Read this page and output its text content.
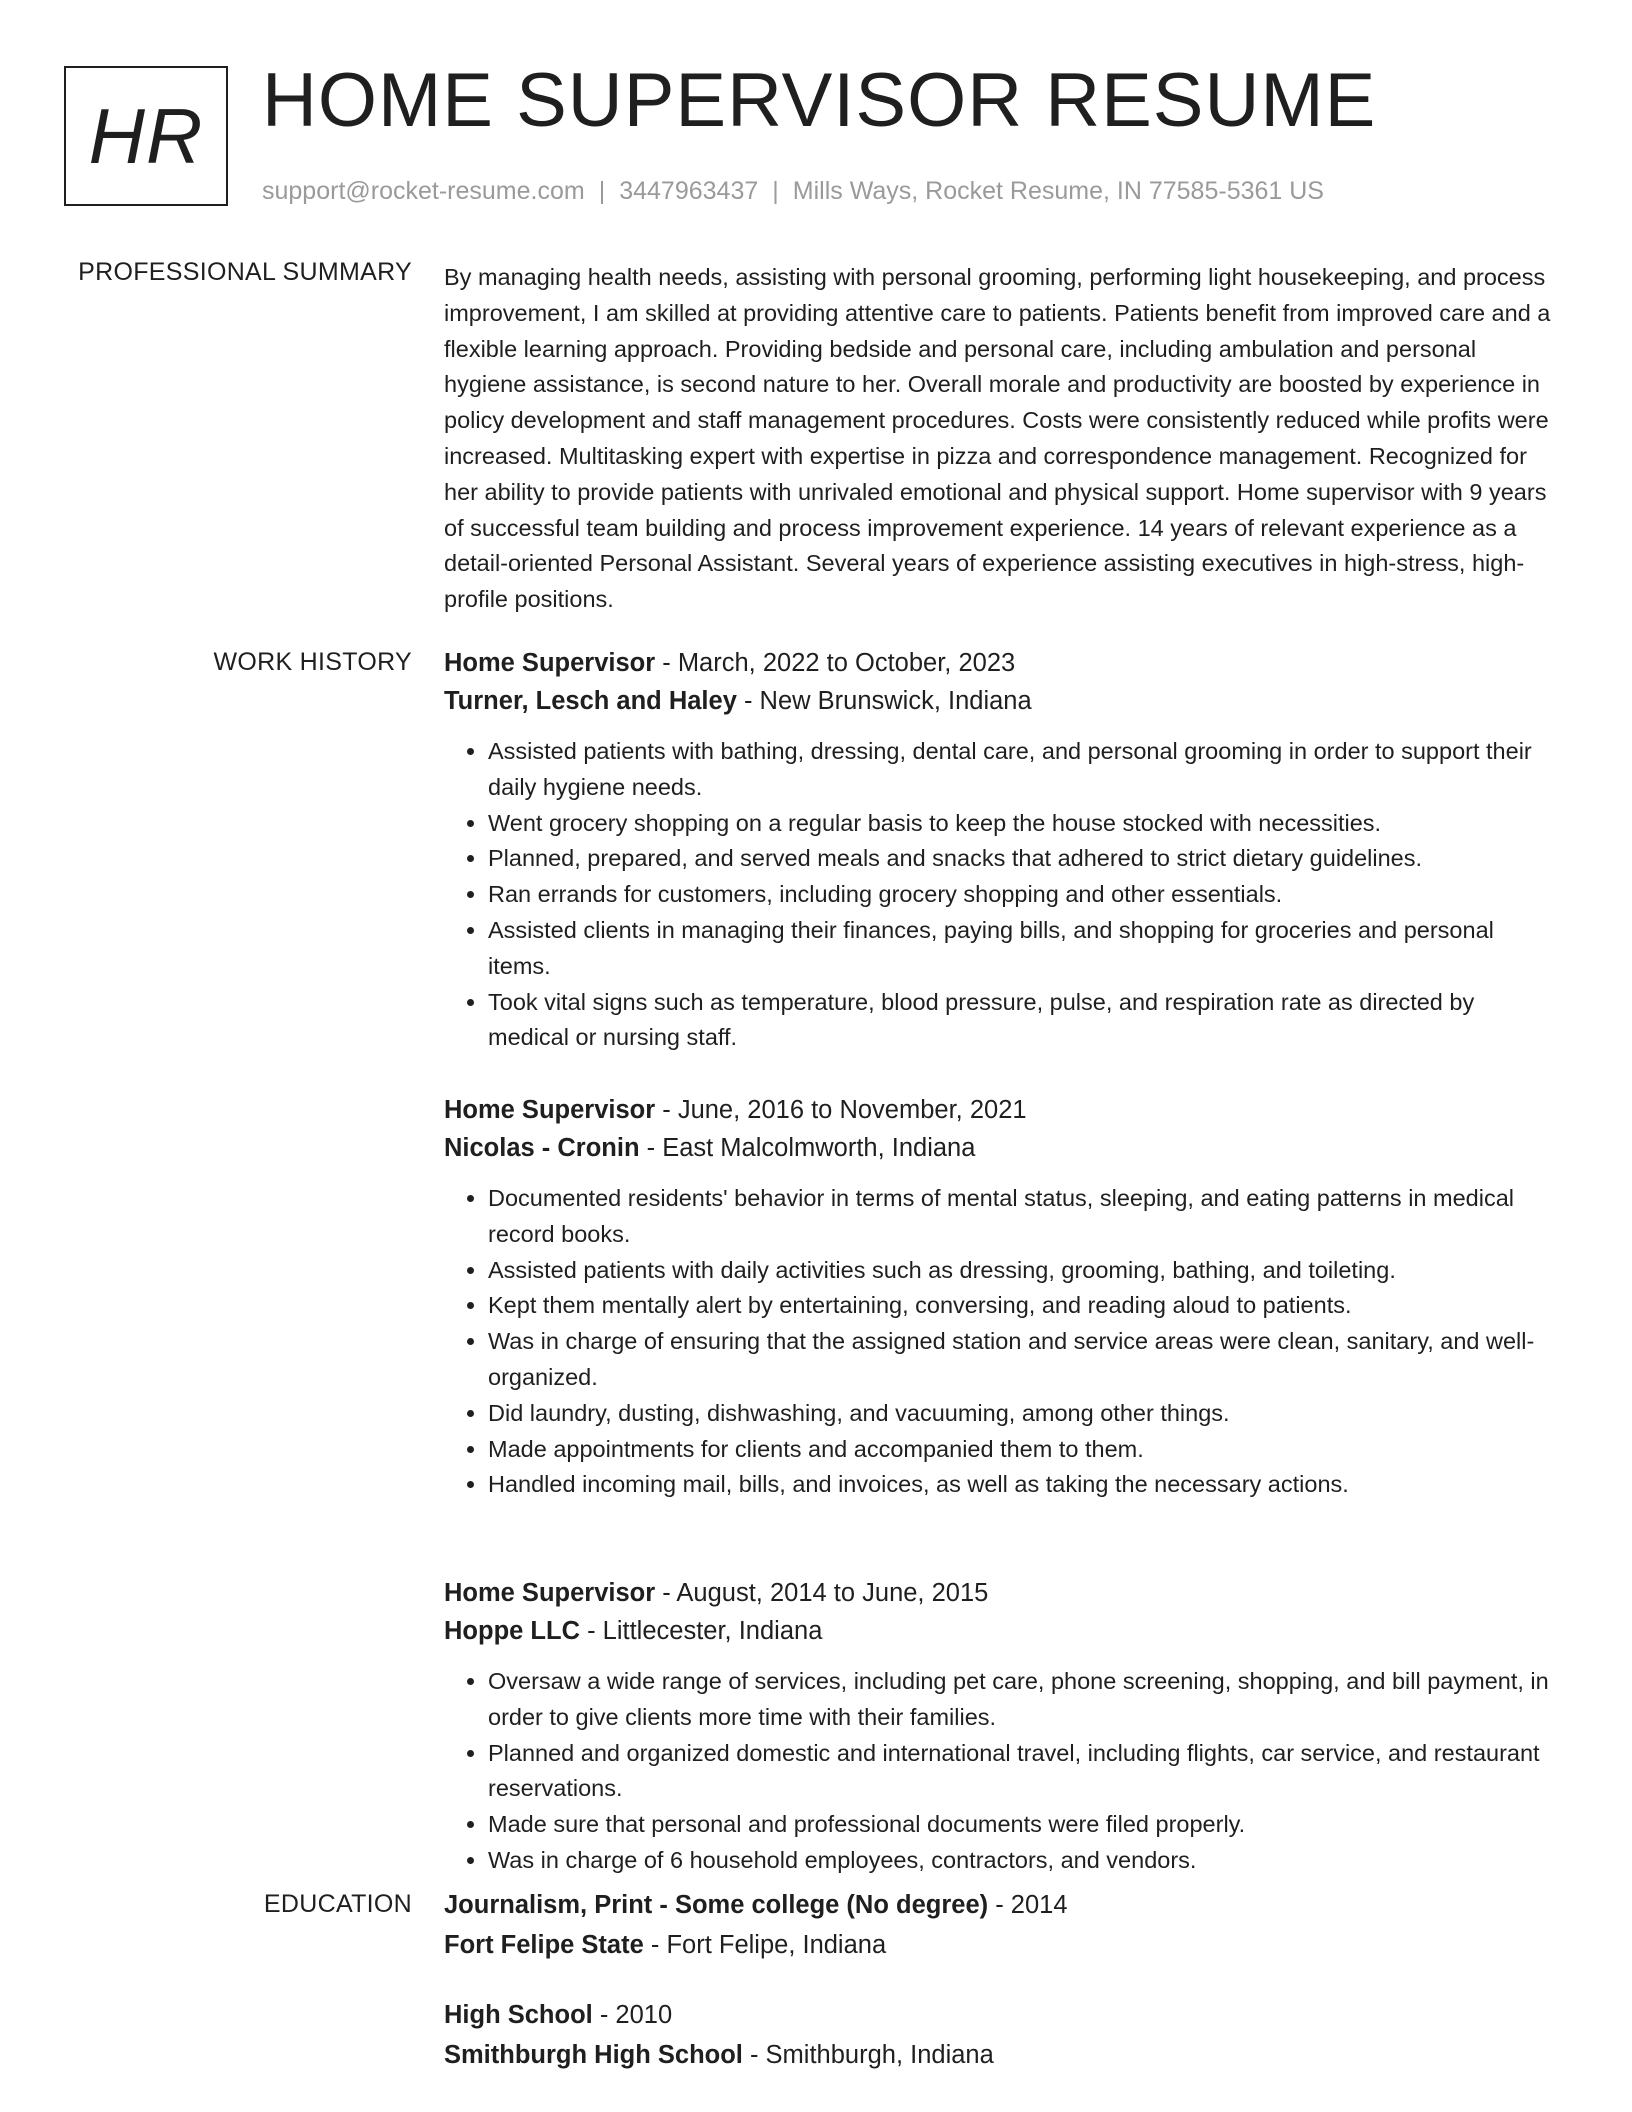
HR HOME SUPERVISOR RESUME
support@rocket-resume.com | 3447963437 | Mills Ways, Rocket Resume, IN 77585-5361 US
PROFESSIONAL SUMMARY By managing health needs, assisting with personal grooming, performing light housekeeping, and process improvement, I am skilled at providing attentive care to patients. Patients benefit from improved care and a flexible learning approach. Providing bedside and personal care, including ambulation and personal hygiene assistance, is second nature to her. Overall morale and productivity are boosted by experience in policy development and staff management procedures. Costs were consistently reduced while profits were increased. Multitasking expert with expertise in pizza and correspondence management. Recognized for her ability to provide patients with unrivaled emotional and physical support. Home supervisor with 9 years of successful team building and process improvement experience. 14 years of relevant experience as a detail-oriented Personal Assistant. Several years of experience assisting executives in high-stress, high-profile positions.

WORK HISTORY Home Supervisor - March, 2022 to October, 2023
Turner, Lesch and Haley - New Brunswick, Indiana
• Assisted patients with bathing, dressing, dental care, and personal grooming in order to support their daily hygiene needs.
• Went grocery shopping on a regular basis to keep the house stocked with necessities.
• Planned, prepared, and served meals and snacks that adhered to strict dietary guidelines.
• Ran errands for customers, including grocery shopping and other essentials.
• Assisted clients in managing their finances, paying bills, and shopping for groceries and personal items.
• Took vital signs such as temperature, blood pressure, pulse, and respiration rate as directed by medical or nursing staff.
Home Supervisor - June, 2016 to November, 2021
Nicolas - Cronin - East Malcolmworth, Indiana
• Documented residents' behavior in terms of mental status, sleeping, and eating patterns in medical record books.
• Assisted patients with daily activities such as dressing, grooming, bathing, and toileting.
• Kept them mentally alert by entertaining, conversing, and reading aloud to patients.
• Was in charge of ensuring that the assigned station and service areas were clean, sanitary, and well-organized.
• Did laundry, dusting, dishwashing, and vacuuming, among other things.
• Made appointments for clients and accompanied them to them.
• Handled incoming mail, bills, and invoices, as well as taking the necessary actions.
Home Supervisor - August, 2014 to June, 2015
Hoppe LLC - Littlecester, Indiana
• Oversaw a wide range of services, including pet care, phone screening, shopping, and bill payment, in order to give clients more time with their families.
• Planned and organized domestic and international travel, including flights, car service, and restaurant reservations.
• Made sure that personal and professional documents were filed properly.
• Was in charge of 6 household employees, contractors, and vendors.
EDUCATION Journalism, Print - Some college (No degree) - 2014
Fort Felipe State - Fort Felipe, Indiana
High School - 2010
Smithburgh High School - Smithburgh, Indiana
